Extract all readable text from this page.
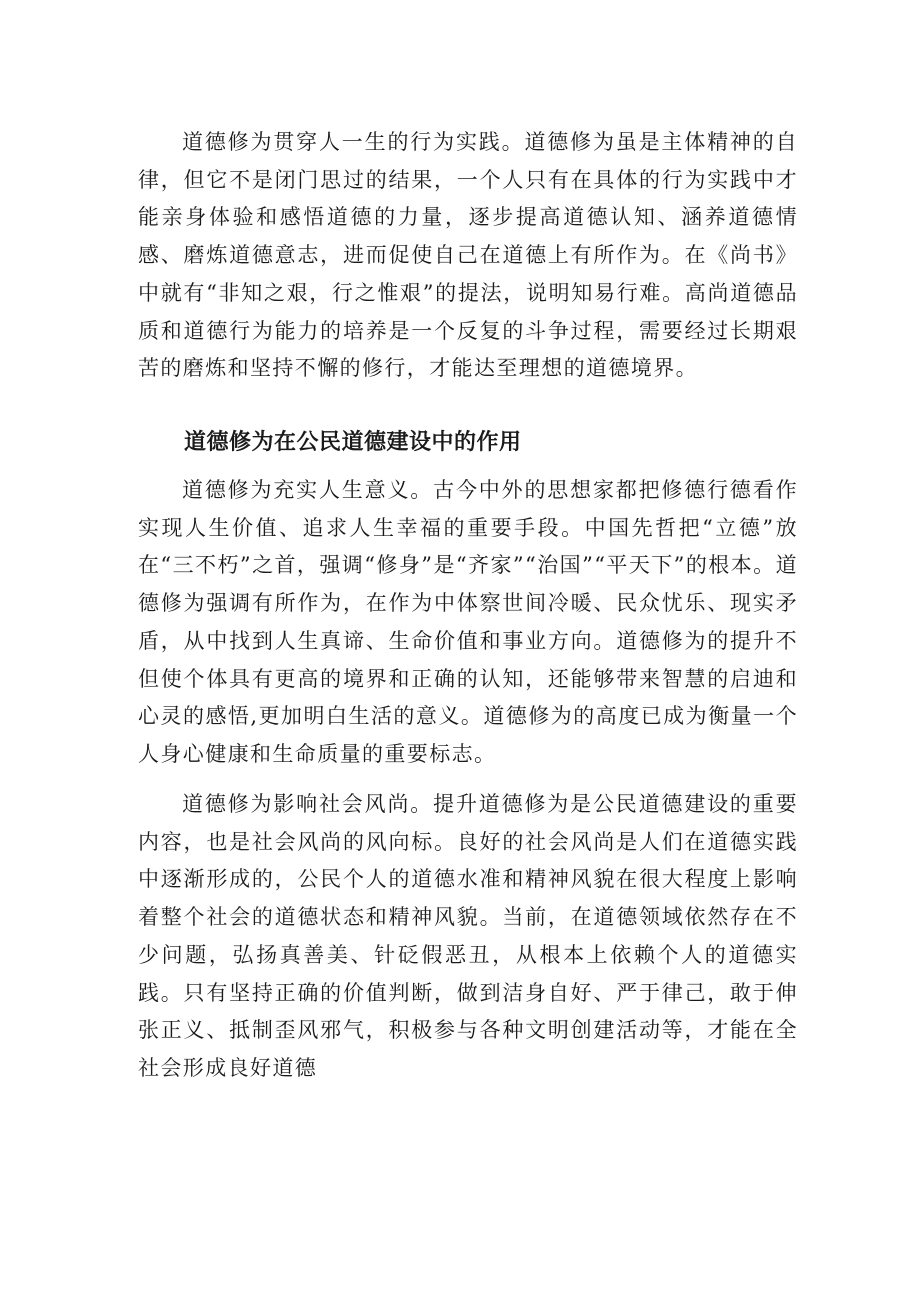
道德修为贯穿人一生的行为实践。道德修为虽是主体精神的自律，但它不是闭门思过的结果，一个人只有在具体的行为实践中才能亲身体验和感悟道德的力量，逐步提高道德认知、涵养道德情感、磨炼道德意志，进而促使自己在道德上有所作为。在《尚书》中就有“非知之艰，行之惟艰”的提法，说明知易行难。高尚道德品质和道德行为能力的培养是一个反复的斗争过程，需要经过长期艰苦的磨炼和坚持不懈的修行，才能达至理想的道德境界。

道德修为在公民道德建设中的作用

道德修为充实人生意义。古今中外的思想家都把修德行德看作实现人生价值、追求人生幸福的重要手段。中国先哲把“立德”放在“三不朽”之首，强调“修身”是“齐家”“治国”“平天下”的根本。道德修为强调有所作为，在作为中体察世间冷暖、民众忧乐、现实矛盾，从中找到人生真谛、生命价值和事业方向。道德修为的提升不但使个体具有更高的境界和正确的认知，还能够带来智慧的启迪和心灵的感悟,更加明白生活的意义。道德修为的高度已成为衡量一个人身心健康和生命质量的重要标志。

道德修为影响社会风尚。提升道德修为是公民道德建设的重要内容，也是社会风尚的风向标。良好的社会风尚是人们在道德实践中逐渐形成的，公民个人的道德水准和精神风貌在很大程度上影响着整个社会的道德状态和精神风貌。当前，在道德领域依然存在不少问题，弘扬真善美、针砭假恶丑，从根本上依赖个人的道德实践。只有坚持正确的价值判断，做到洁身自好、严于律己，敢于伸张正义、抵制歪风邪气，积极参与各种文明创建活动等，才能在全社会形成良好道德
